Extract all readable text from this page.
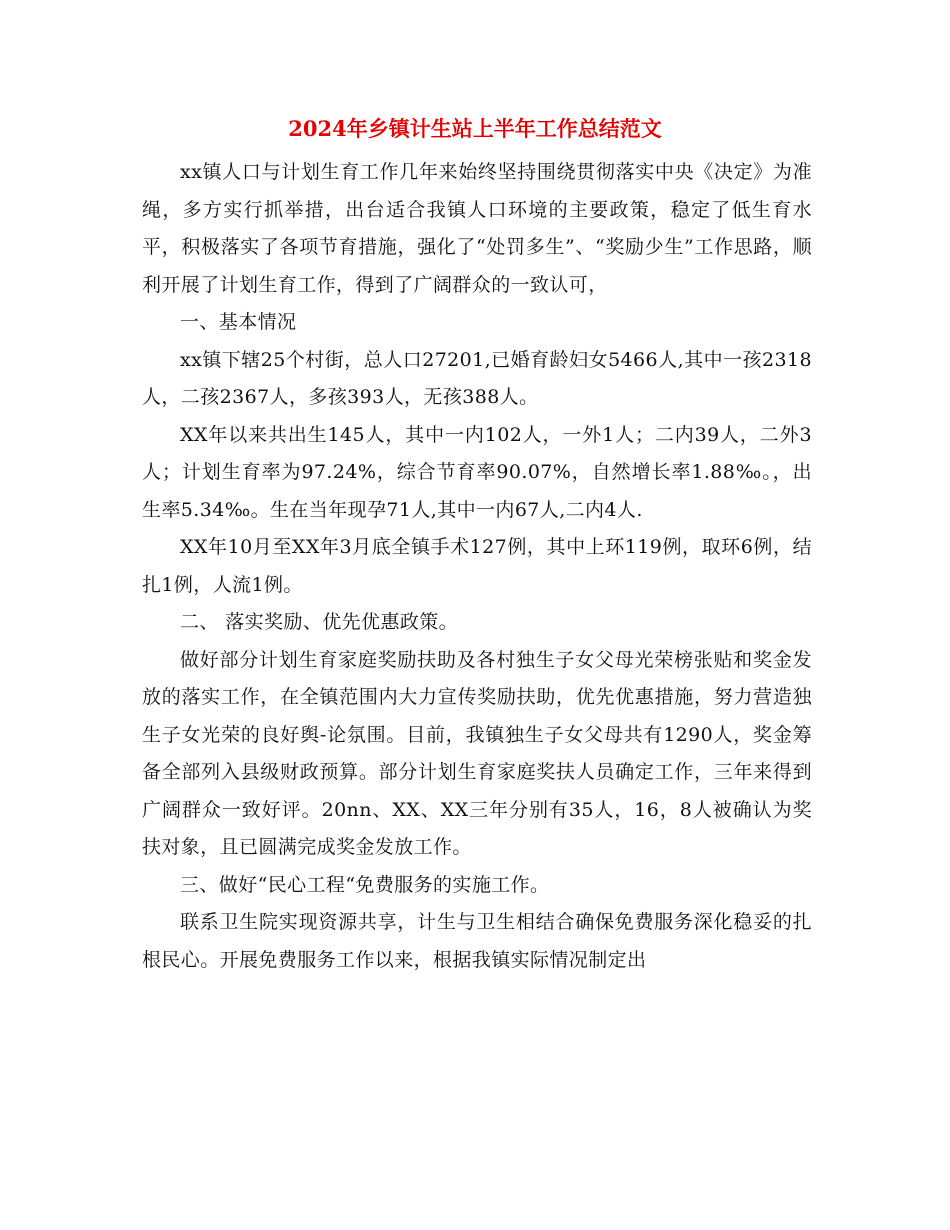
2024年乡镇计生站上半年工作总结范文

xx镇人口与计划生育工作几年来始终坚持围绕贯彻落实中央《决定》为准绳，多方实行抓举措，出台适合我镇人口环境的主要政策，稳定了低生育水平，积极落实了各项节育措施，强化了“处罚多生”、“奖励少生”工作思路，顺利开展了计划生育工作，得到了广阔群众的一致认可，

一、基本情况

xx镇下辖25个村街，总人口27201,已婚育龄妇女5466人,其中一孩2318人，二孩2367人，多孩393人，无孩388人。

XX年以来共出生145人，其中一内102人，一外1人；二内39人，二外3人；计划生育率为97.24%，综合节育率90.07%，自然增长率1.88‰。，出生率5.34‰。生在当年现孕71人,其中一内67人,二内4人.

XX年10月至XX年3月底全镇手术127例，其中上环119例，取环6例，结扎1例，人流1例。

二、 落实奖励、优先优惠政策。

做好部分计划生育家庭奖励扶助及各村独生子女父母光荣榜张贴和奖金发放的落实工作，在全镇范围内大力宣传奖励扶助，优先优惠措施，努力营造独生子女光荣的良好舆-论氛围。目前，我镇独生子女父母共有1290人，奖金筹备全部列入县级财政预算。部分计划生育家庭奖扶人员确定工作，三年来得到广阔群众一致好评。20nn、XX、XX三年分别有35人，16，8人被确认为奖扶对象，且已圆满完成奖金发放工作。

三、做好“民心工程“免费服务的实施工作。

联系卫生院实现资源共享，计生与卫生相结合确保免费服务深化稳妥的扎根民心。开展免费服务工作以来，根据我镇实际情况制定出
